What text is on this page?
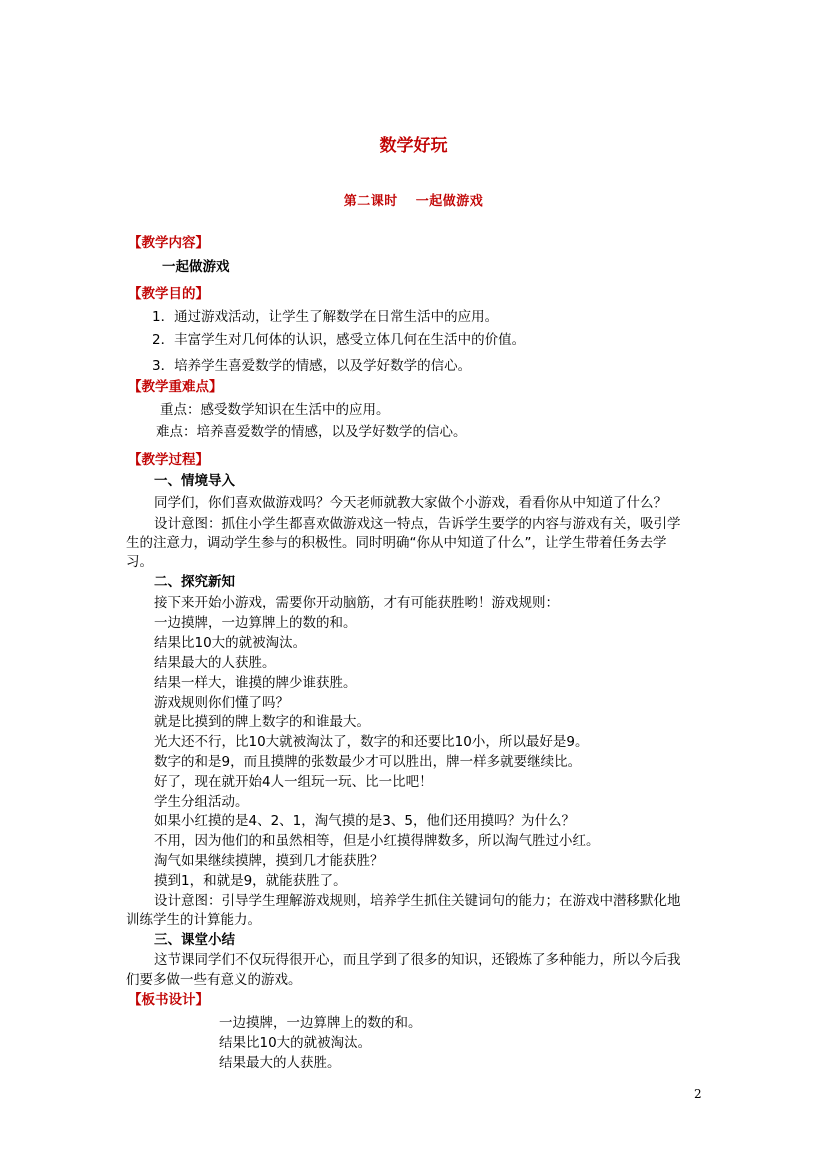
数学好玩
第二课时 一起做游戏
【教学内容】
一起做游戏
【教学目的】
1．通过游戏活动，让学生了解数学在日常生活中的应用。
2．丰富学生对几何体的认识，感受立体几何在生活中的价值。
3．培养学生喜爱数学的情感，以及学好数学的信心。
【教学重难点】
重点：感受数学知识在生活中的应用。
难点：培养喜爱数学的情感，以及学好数学的信心。
【教学过程】
一、情境导入
同学们，你们喜欢做游戏吗？今天老师就教大家做个小游戏，看看你从中知道了什么？
设计意图：抓住小学生都喜欢做游戏这一特点，告诉学生要学的内容与游戏有关，吸引学
生的注意力，调动学生参与的积极性。同时明确“你从中知道了什么”，让学生带着任务去学
习。
二、探究新知
接下来开始小游戏，需要你开动脑筋，才有可能获胜哟！游戏规则：
一边摸牌，一边算牌上的数的和。
结果比10大的就被淘汰。
结果最大的人获胜。
结果一样大，谁摸的牌少谁获胜。
游戏规则你们懂了吗？
就是比摸到的牌上数字的和谁最大。
光大还不行，比10大就被淘汰了，数字的和还要比10小，所以最好是9。
数字的和是9，而且摸牌的张数最少才可以胜出，牌一样多就要继续比。
好了，现在就开始4人一组玩一玩、比一比吧！
学生分组活动。
如果小红摸的是4、2、1，淘气摸的是3、5，他们还用摸吗？为什么？
不用，因为他们的和虽然相等，但是小红摸得牌数多，所以淘气胜过小红。
淘气如果继续摸牌，摸到几才能获胜？
摸到1，和就是9，就能获胜了。
设计意图：引导学生理解游戏规则，培养学生抓住关键词句的能力；在游戏中潜移默化地
训练学生的计算能力。
三、课堂小结
这节课同学们不仅玩得很开心，而且学到了很多的知识，还锻炼了多种能力，所以今后我
们要多做一些有意义的游戏。
【板书设计】
一边摸牌，一边算牌上的数的和。
结果比10大的就被淘汰。
结果最大的人获胜。
2
